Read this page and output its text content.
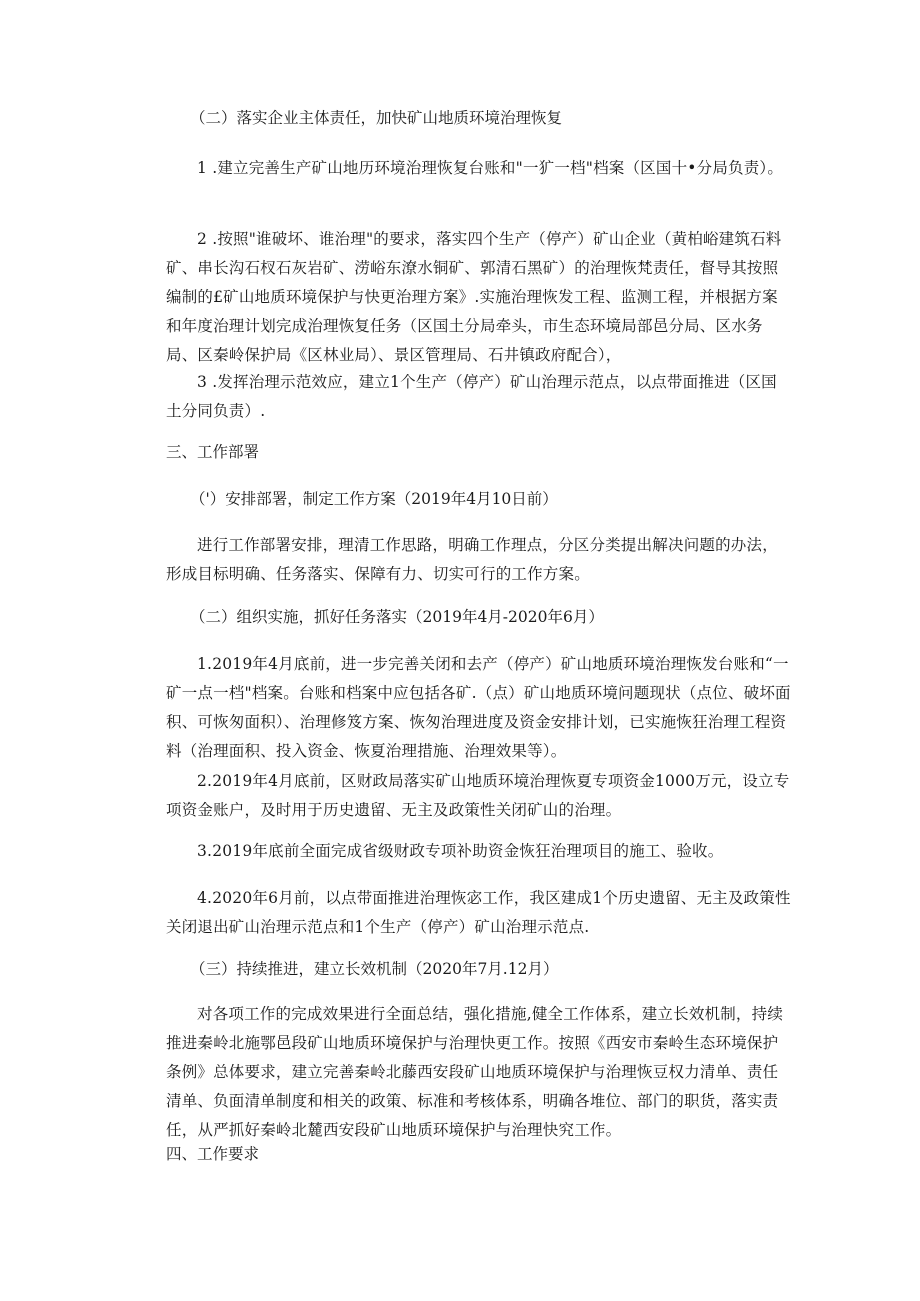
（二）落实企业主体责任，加快矿山地质环境治理恢复

1 .建立完善生产矿山地历环境治理恢复台账和"一犷一档"档案（区国十•分局负责）。

2 .按照"谁破坏、谁治理"的要求，落实四个生产（停产）矿山企业（黄柏峪建筑石料矿、串长沟石杈石灰岩矿、涝峪东潦水铜矿、郭清石黑矿）的治理恢梵责任，督导其按照编制的£矿山地质环境保护与快更治理方案》.实施治理恢发工程、监测工程，并根据方案和年度治理计划完成治理恢复任务（区国土分局牵头，市生态环境局部邑分局、区水务局、区秦岭保护局《区林业局）、景区管理局、石井镇政府配合），

3 .发挥治理示范效应，建立1个生产（停产）矿山治理示范点，以点带面推进（区国土分同负责）.

三、工作部署

（'）安排部署，制定工作方案（2019年4月10日前）

进行工作部署安排，理清工作思路，明确工作理点，分区分类提出解决问题的办法，形成目标明确、任务落实、保障有力、切实可行的工作方案。

（二）组织实施，抓好任务落实（2019年4月-2020年6月）

1.2019年4月底前，进一步完善关闭和去产（停产）矿山地质环境治理恢发台账和“一矿一点一档"档案。台账和档案中应包括各矿.（点）矿山地质环境问题现状（点位、破坏面积、可恢匆面积）、治理修笈方案、恢匆治理进度及资金安排计划，已实施恢狂治理工程资料（治理面积、投入资金、恢夏治理措施、治理效果等）。

2.2019年4月底前，区财政局落实矿山地质环境治理恢夏专项资金1000万元，设立专项资金账户，及时用于历史遗留、无主及政策性关闭矿山的治理。

3.2019年底前全面完成省级财政专项补助资金恢狂治理项目的施工、验收。

4.2020年6月前，以点带面推进治理恢宓工作，我区建成1个历史遗留、无主及政策性关闭退出矿山治理示范点和1个生产（停产）矿山治理示范点.

（三）持续推进，建立长效机制（2020年7月.12月）

对各项工作的完成效果进行全面总结，强化措施,健全工作体系，建立长效机制，持续推进秦岭北施鄂邑段矿山地质环境保护与治理快更工作。按照《西安市秦岭生态环境保护条例》总体要求，建立完善秦岭北藤西安段矿山地质环境保护与治理恢豆权力清单、责任清单、负面清单制度和相关的政策、标准和考核体系，明确各堆位、部门的职货，落实责任，从严抓好秦岭北麓西安段矿山地质环境保护与治理快究工作。

四、工作要求
